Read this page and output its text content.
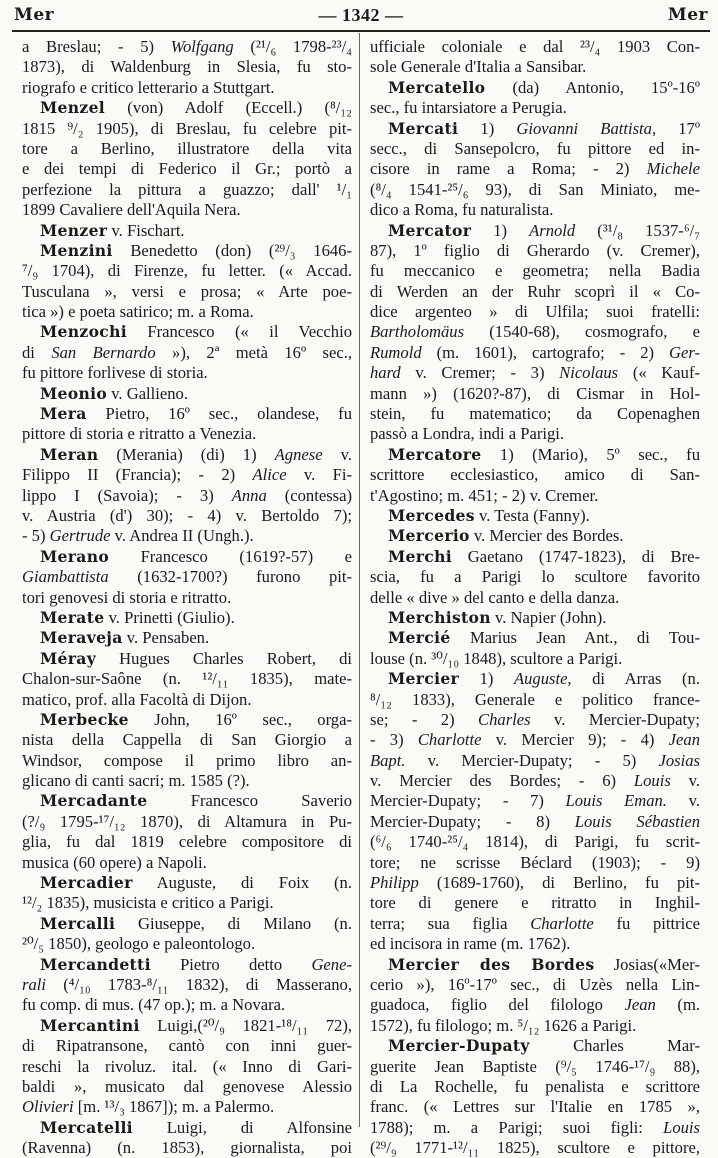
Mer	— 1342 —	Mer
a Breslau; - 5) Wolfgang (²¹/₆ 1798-²³/₄
1873), di Waldenburg in Slesia, fu sto-
riografo e critico letterario a Stuttgart.
Menzel (von) Adolf (Eccell.) (⁸/₁₂
1815 ⁹/₂ 1905), di Breslau, fu celebre pit-
tore a Berlino, illustratore della vita
e dei tempi di Federico il Gr.; portò a
perfezione la pittura a guazzo; dall' ¹/₁
1899 Cavaliere dell'Aquila Nera.
Menzer v. Fischart.
Menzini Benedetto (don) (²⁹/₃ 1646-
⁷/₉ 1704), di Firenze, fu letter. (« Accad.
Tusculana », versi e prosa; « Arte poe-
tica ») e poeta satirico; m. a Roma.
Menzochi Francesco (« il Vecchio
di San Bernardo »), 2ª metà 16º sec.,
fu pittore forlivese di storia.
Meonio v. Gallieno.
Mera Pietro, 16º sec., olandese, fu
pittore di storia e ritratto a Venezia.
Meran (Merania) (di) 1) Agnese v.
Filippo II (Francia); - 2) Alice v. Fi-
lippo I (Savoia); - 3) Anna (contessa)
v. Austria (d') 30); - 4) v. Bertoldo 7);
- 5) Gertrude v. Andrea II (Ungh.).
Merano Francesco (1619?-57) e
Giambattista (1632-1700?) furono pit-
tori genovesi di storia e ritratto.
Merate v. Prinetti (Giulio).
Meraveja v. Pensaben.
Méray Hugues Charles Robert, di
Chalon-sur-Saône (n. ¹²/₁₁ 1835), mate-
matico, prof. alla Facoltà di Dijon.
Merbecke John, 16º sec., orga-
nista della Cappella di San Giorgio a
Windsor, compose il primo libro an-
glicano di canti sacri; m. 1585 (?).
Mercadante Francesco Saverio
(?/₉ 1795-¹⁷/₁₂ 1870), di Altamura in Pu-
glia, fu dal 1819 celebre compositore di
musica (60 opere) a Napoli.
Mercadier Auguste, di Foix (n.
¹²/₂ 1835), musicista e critico a Parigi.
Mercalli Giuseppe, di Milano (n.
²⁰/₅ 1850), geologo e paleontologo.
Mercandetti Pietro detto Gene-
rali (⁴/₁₀ 1783-⁸/₁₁ 1832), di Masserano,
fu comp. di mus. (47 op.); m. a Novara.
Mercantini Luigi,(²⁰/₉ 1821-¹⁸/₁₁ 72),
di Ripatransone, cantò con inni guer-
reschi la rivoluz. ital. (« Inno di Gari-
baldi », musicato dal genovese Alessio
Olivieri [m. ¹³/₃ 1867]); m. a Palermo.
Mercatelli Luigi, di Alfonsine
(Ravenna) (n. 1853), giornalista, poi
ufficiale coloniale e dal ²³/₄ 1903 Con-
sole Generale d'Italia a Sansibar.
Mercatello (da) Antonio, 15º-16º
sec., fu intarsiatore a Perugia.
Mercati 1) Giovanni Battista, 17º
secc., di Sansepolcro, fu pittore ed in-
cisore in rame a Roma; - 2) Michele
(⁸/₄ 1541-²⁵/₆ 93), di San Miniato, me-
dico a Roma, fu naturalista.
Mercator 1) Arnold (³¹/₈ 1537-⁶/₇
87), 1º figlio di Gherardo (v. Cremer),
fu meccanico e geometra; nella Badia
di Werden an der Ruhr scoprì il « Co-
dice argenteo » di Ulfila; suoi fratelli:
Bartholomäus (1540-68), cosmografo, e
Rumold (m. 1601), cartografo; - 2) Ger-
hard v. Cremer; - 3) Nicolaus (« Kauf-
mann ») (1620?-87), di Cismar in Hol-
stein, fu matematico; da Copenaghen
passò a Londra, indi a Parigi.
Mercatore 1) (Mario), 5º sec., fu
scrittore ecclesiastico, amico di San-
t'Agostino; m. 451; - 2) v. Cremer.
Mercedes v. Testa (Fanny).
Mercerio v. Mercier des Bordes.
Merchi Gaetano (1747-1823), di Bre-
scia, fu a Parigi lo scultore favorito
delle « dive » del canto e della danza.
Merchiston v. Napier (John).
Mercié Marius Jean Ant., di Tou-
louse (n. ³⁰/₁₀ 1848), scultore a Parigi.
Mercier 1) Auguste, di Arras (n.
⁸/₁₂ 1833), Generale e politico france-
se; - 2) Charles v. Mercier-Dupaty;
- 3) Charlotte v. Mercier 9); - 4) Jean
Bapt. v. Mercier-Dupaty; - 5) Josias
v. Mercier des Bordes; - 6) Louis v.
Mercier-Dupaty; - 7) Louis Eman. v.
Mercier-Dupaty; - 8) Louis Sébastien
(⁶/₆ 1740-²⁵/₄ 1814), di Parigi, fu scrit-
tore; ne scrisse Béclard (1903); - 9)
Philipp (1689-1760), di Berlino, fu pit-
tore di genere e ritratto in Inghil-
terra; sua figlia Charlotte fu pittrice
ed incisora in rame (m. 1762).
Mercier des Bordes Josias(«Mer-
cerio »), 16º-17º sec., di Uzès nella Lin-
guadoca, figlio del filologo Jean (m.
1572), fu filologo; m. ⁵/₁₂ 1626 a Parigi.
Mercier-Dupaty Charles Mar-
guerite Jean Baptiste (⁹/₅ 1746-¹⁷/₉ 88),
di La Rochelle, fu penalista e scrittore
franc. (« Lettres sur l'Italie en 1785 »,
1788); m. a Parigi; suoi figli: Louis
(²⁹/₉ 1771-¹²/₁₁ 1825), scultore e pittore,
